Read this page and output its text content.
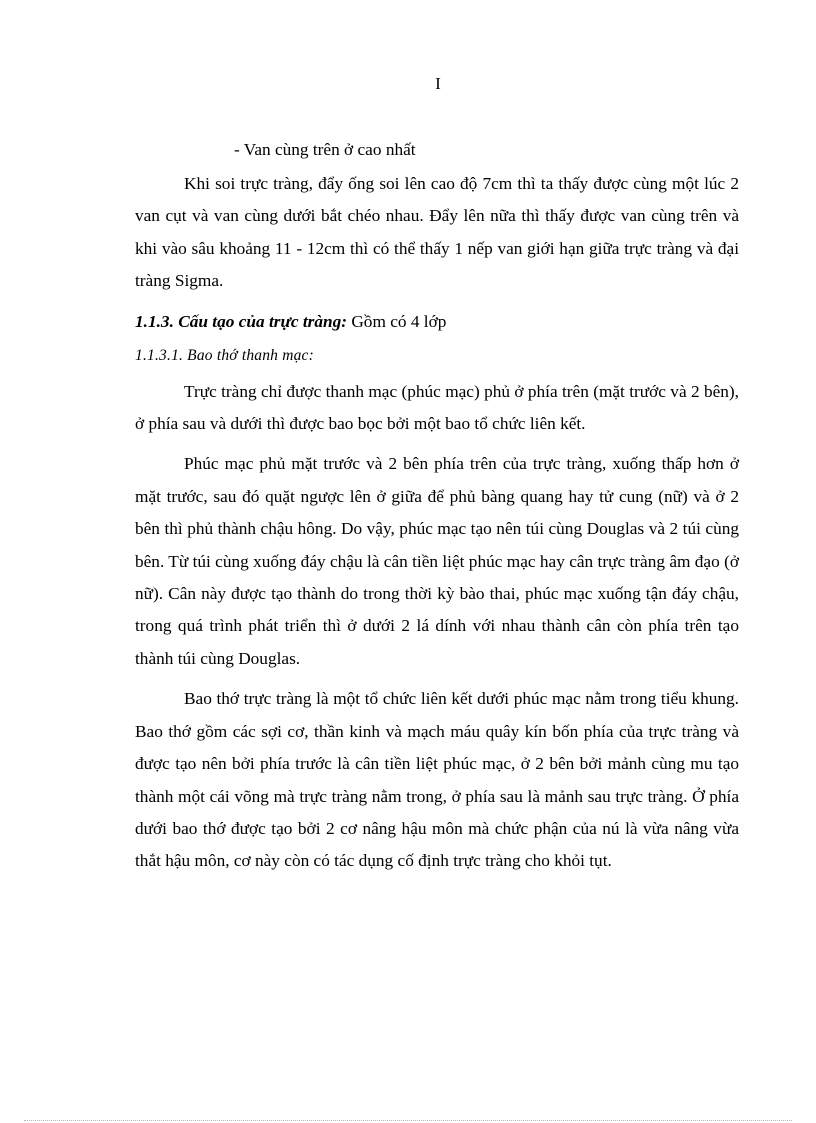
I

- Van cùng trên ở cao nhất

Khi soi trực tràng, đẩy ống soi lên cao độ 7cm thì ta thấy được cùng một lúc 2 van cụt và van cùng dưới bắt chéo nhau. Đẩy lên nữa thì thấy được van cùng trên và khi vào sâu khoảng 11 - 12cm thì có thể thấy 1 nếp van giới hạn giữa trực tràng và đại tràng Sigma.

1.1.3. Cấu tạo của trực tràng: Gồm có 4 lớp

1.1.3.1. Bao thớ thanh mạc:

Trực tràng chỉ được thanh mạc (phúc mạc) phủ ở phía trên (mặt trước và 2 bên), ở phía sau và dưới thì được bao bọc bởi một bao tổ chức liên kết.

Phúc mạc phủ mặt trước và 2 bên phía trên của trực tràng, xuống thấp hơn ở mặt trước, sau đó quặt ngược lên ở giữa để phủ bàng quang hay tử cung (nữ) và ở 2 bên thì phủ thành chậu hông. Do vậy, phúc mạc tạo nên túi cùng Douglas và 2 túi cùng bên. Từ túi cùng xuống đáy chậu là cân tiền liệt phúc mạc hay cân trực tràng âm đạo (ở nữ). Cân này được tạo thành do trong thời kỳ bào thai, phúc mạc xuống tận đáy chậu, trong quá trình phát triển thì ở dưới 2 lá dính với nhau thành cân còn phía trên tạo thành túi cùng Douglas.

Bao thớ trực tràng là một tổ chức liên kết dưới phúc mạc nằm trong tiểu khung. Bao thớ gồm các sợi cơ, thần kinh và mạch máu quây kín bốn phía của trực tràng và được tạo nên bởi phía trước là cân tiền liệt phúc mạc, ở 2 bên bởi mảnh cùng mu tạo thành một cái võng mà trực tràng nằm trong, ở phía sau là mảnh sau trực tràng. Ở phía dưới bao thớ được tạo bởi 2 cơ nâng hậu môn mà chức phận của nú là vừa nâng vừa thắt hậu môn, cơ này còn có tác dụng cố định trực tràng cho khỏi tụt.
